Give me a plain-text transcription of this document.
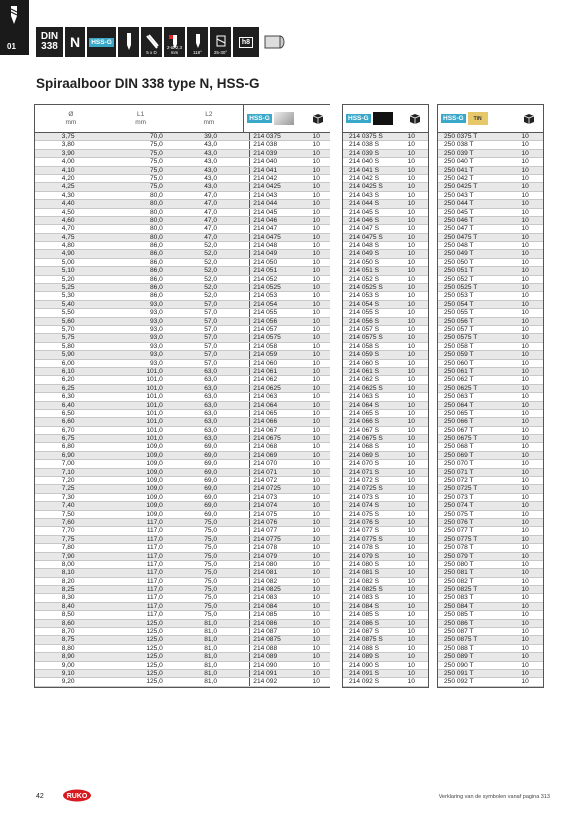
01
DIN
338 N	HSS-G
5 x D
2-Ø 2,3 mm	118°	25-30°
h8
Spiraalboor DIN 338 type N, HSS-G
Ø
mm
L1
mm
L2
mm	HSS-G
3,75	70,0	39,0	214 0375	10
3,80	75,0	43,0	214 038	10
3,90	75,0	43,0	214 039	10
4,00	75,0	43,0	214 040	10
4,10	75,0	43,0	214 041	10
4,20	75,0	43,0	214 042	10
4,25	75,0	43,0	214 0425	10
4,30	80,0	47,0	214 043	10
4,40	80,0	47,0	214 044	10
4,50	80,0	47,0	214 045	10
4,60	80,0	47,0	214 046	10
4,70	80,0	47,0	214 047	10
4,75	80,0	47,0	214 0475	10
4,80	86,0	52,0	214 048	10
4,90	86,0	52,0	214 049	10
5,00	86,0	52,0	214 050	10
5,10	86,0	52,0	214 051	10
5,20	86,0	52,0	214 052	10
5,25	86,0	52,0	214 0525	10
5,30	86,0	52,0	214 053	10
5,40	93,0	57,0	214 054	10
5,50	93,0	57,0	214 055	10
5,60	93,0	57,0	214 056	10
5,70	93,0	57,0	214 057	10
5,75	93,0	57,0	214 0575	10
5,80	93,0	57,0	214 058	10
5,90	93,0	57,0	214 059	10
6,00	93,0	57,0	214 060	10
6,10	101,0	63,0	214 061	10
6,20	101,0	63,0	214 062	10
6,25	101,0	63,0	214 0625	10
6,30	101,0	63,0	214 063	10
6,40	101,0	63,0	214 064	10
6,50	101,0	63,0	214 065	10
6,60	101,0	63,0	214 066	10
6,70	101,0	63,0	214 067	10
6,75	101,0	63,0	214 0675	10
6,80	109,0	69,0	214 068	10
6,90	109,0	69,0	214 069	10
7,00	109,0	69,0	214 070	10
7,10	109,0	69,0	214 071	10
7,20	109,0	69,0	214 072	10
7,25	109,0	69,0	214 0725	10
7,30	109,0	69,0	214 073	10
7,40	109,0	69,0	214 074	10
7,50	109,0	69,0	214 075	10
7,60	117,0	75,0	214 076	10
7,70	117,0	75,0	214 077	10
7,75	117,0	75,0	214 0775	10
7,80	117,0	75,0	214 078	10
7,90	117,0	75,0	214 079	10
8,00	117,0	75,0	214 080	10
8,10	117,0	75,0	214 081	10
8,20	117,0	75,0	214 082	10
8,25	117,0	75,0	214 0825	10
8,30	117,0	75,0	214 083	10
8,40	117,0	75,0	214 084	10
8,50	117,0	75,0	214 085	10
8,60	125,0	81,0	214 086	10
8,70	125,0	81,0	214 087	10
8,75	125,0	81,0	214 0875	10
8,80	125,0	81,0	214 088	10
8,90	125,0	81,0	214 089	10
9,00	125,0	81,0	214 090	10
9,10	125,0	81,0	214 091	10
9,20	125,0	81,0	214 092	10
HSS-G
214 0375 S	10
214 038 S	10
214 039 S	10
214 040 S	10
214 041 S	10
214 042 S	10
214 0425 S	10
214 043 S	10
214 044 S	10
214 045 S	10
214 046 S	10
214 047 S	10
214 0475 S	10
214 048 S	10
214 049 S	10
214 050 S	10
214 051 S	10
214 052 S	10
214 0525 S	10
214 053 S	10
214 054 S	10
214 055 S	10
214 056 S	10
214 057 S	10
214 0575 S	10
214 058 S	10
214 059 S	10
214 060 S	10
214 061 S	10
214 062 S	10
214 0625 S	10
214 063 S	10
214 064 S	10
214 065 S	10
214 066 S	10
214 067 S	10
214 0675 S	10
214 068 S	10
214 069 S	10
214 070 S	10
214 071 S	10
214 072 S	10
214 0725 S	10
214 073 S	10
214 074 S	10
214 075 S	10
214 076 S	10
214 077 S	10
214 0775 S	10
214 078 S	10
214 079 S	10
214 080 S	10
214 081 S	10
214 082 S	10
214 0825 S	10
214 083 S	10
214 084 S	10
214 085 S	10
214 086 S	10
214 087 S	10
214 0875 S	10
214 088 S	10
214 089 S	10
214 090 S	10
214 091 S	10
214 092 S	10
HSS-G	TiN
250 0375 T	10
250 038 T	10
250 039 T	10
250 040 T	10
250 041 T	10
250 042 T	10
250 0425 T	10
250 043 T	10
250 044 T	10
250 045 T	10
250 046 T	10
250 047 T	10
250 0475 T	10
250 048 T	10
250 049 T	10
250 050 T	10
250 051 T	10
250 052 T	10
250 0525 T	10
250 053 T	10
250 054 T	10
250 055 T	10
250 056 T	10
250 057 T	10
250 0575 T	10
250 058 T	10
250 059 T	10
250 060 T	10
250 061 T	10
250 062 T	10
250 0625 T	10
250 063 T	10
250 064 T	10
250 065 T	10
250 066 T	10
250 067 T	10
250 0675 T	10
250 068 T	10
250 069 T	10
250 070 T	10
250 071 T	10
250 072 T	10
250 0725 T	10
250 073 T	10
250 074 T	10
250 075 T	10
250 076 T	10
250 077 T	10
250 0775 T	10
250 078 T	10
250 079 T	10
250 080 T	10
250 081 T	10
250 082 T	10
250 0825 T	10
250 083 T	10
250 084 T	10
250 085 T	10
250 086 T	10
250 087 T	10
250 0875 T	10
250 088 T	10
250 089 T	10
250 090 T	10
250 091 T	10
250 092 T	10
42	RUKO	Verklaring van de symbolen vanaf pagina 313
